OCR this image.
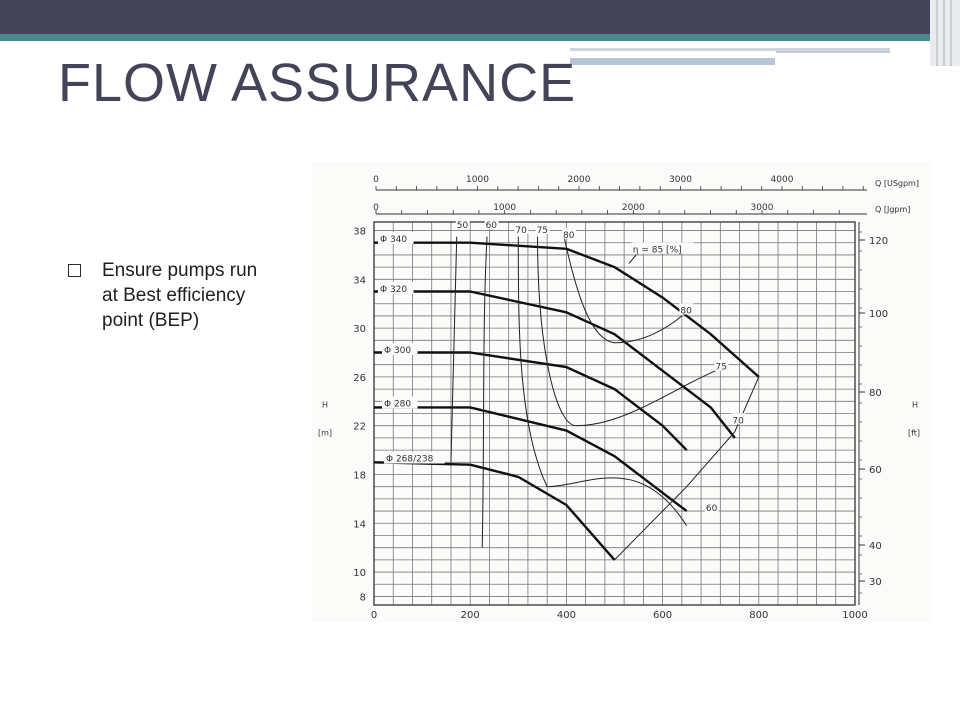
FLOW ASSURANCE
Ensure pumps run at Best efficiency point (BEP)
38
34
30
26
22
18
14
10
8
0	200	400	600	800	1000
H
[m]
120
100
80
60
40
30
H
[ft]
0	1000	2000	3000	4000	Q [USgpm]
0	1000	2000	3000	Q [Jgpm]
Φ 340
Φ 320
Φ 300
Φ 280
Φ 268/238
50 60 70 75 80
η = 85 [%]
80
75
70
60
